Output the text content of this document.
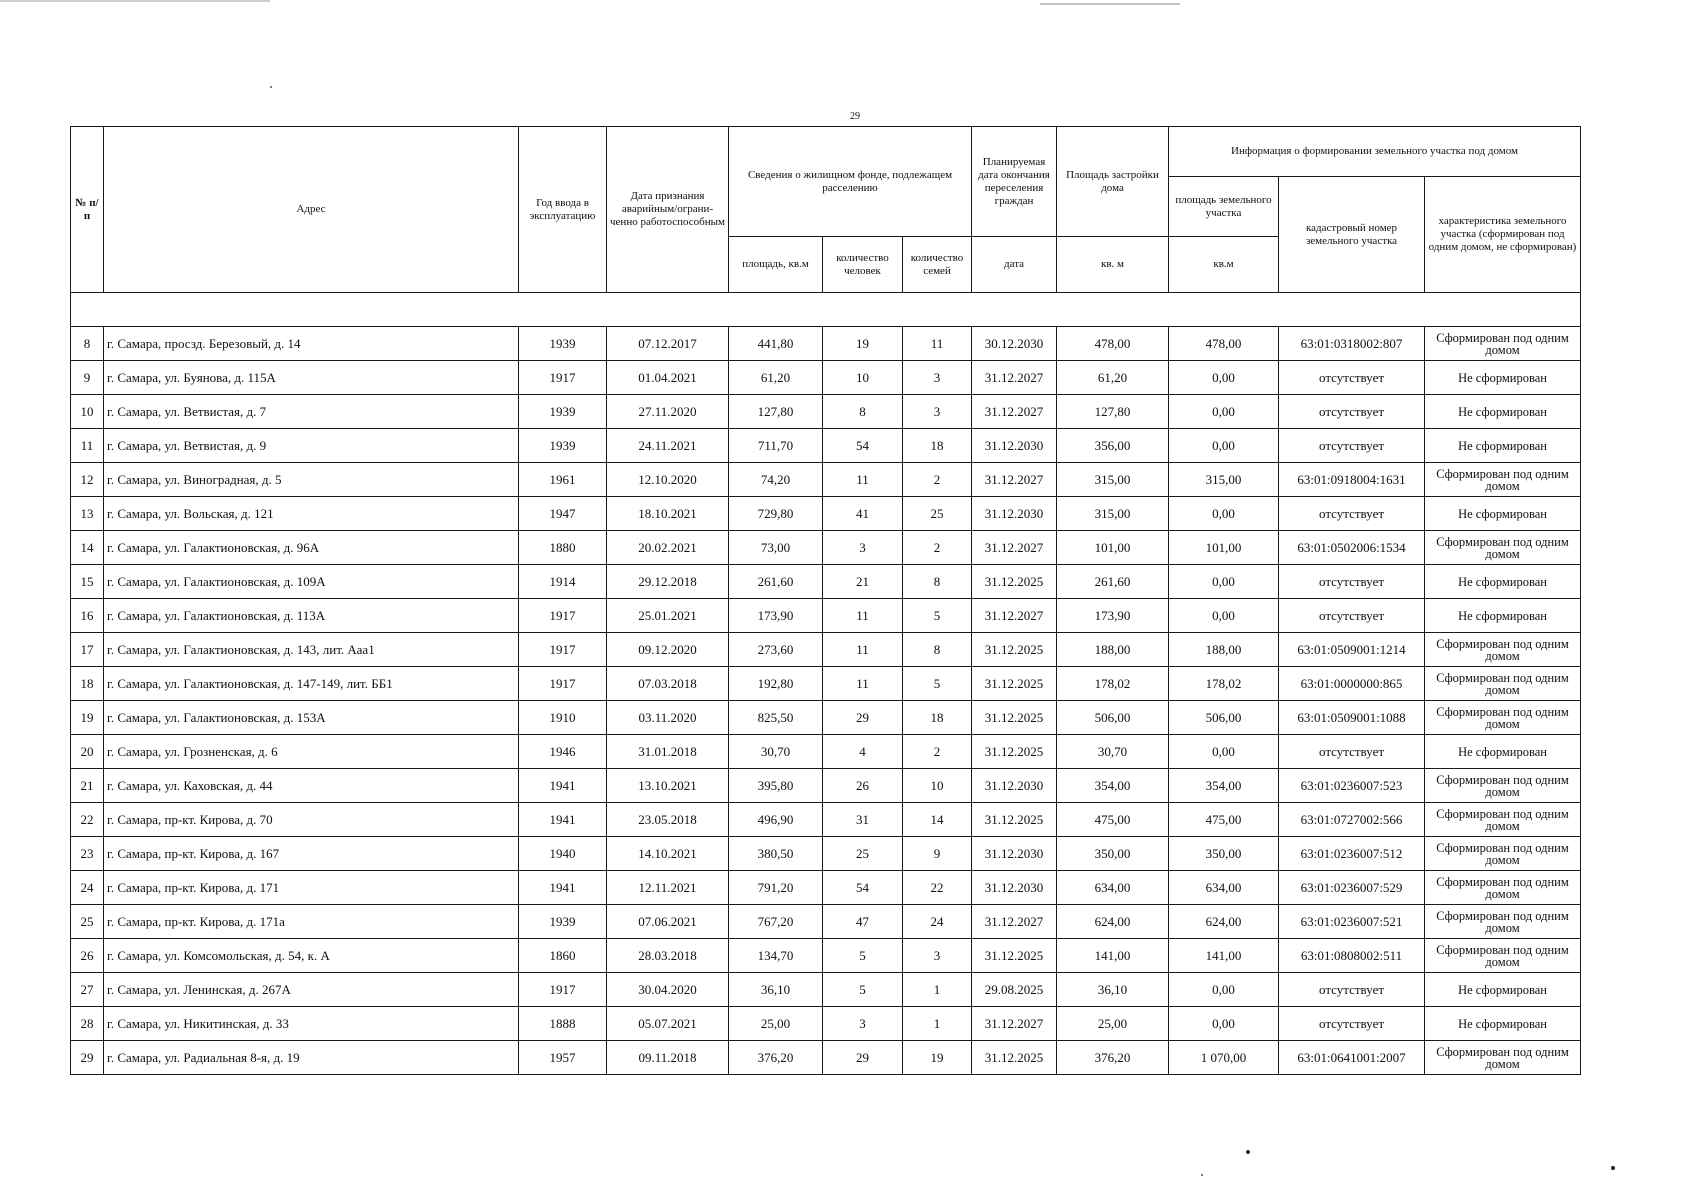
29
№ п/п	Адрес	Год ввода в эксплуатацию	Дата признания аварийным/ограни-ченно работоспособным	Сведения о жилищном фонде, подлежащем расселению			Планируемая дата окончания переселения граждан	Площадь застройки дома	Информация о формировании земельного участка под домом		
									площадь земельного участка	кадастровый номер земельного участка	характеристика земельного участка (сформирован под одним домом, не сформирован)
				площадь, кв.м	количество человек	количество семей	дата	кв. м	кв.м		

8	г. Самара, просзд. Березовый, д. 14	1939	07.12.2017	441,80	19	11	30.12.2030	478,00	478,00	63:01:0318002:807	Сформирован под одним домом
9	г. Самара, ул. Буянова, д. 115А	1917	01.04.2021	61,20	10	3	31.12.2027	61,20	0,00	отсутствует	Не сформирован
10	г. Самара, ул. Ветвистая, д. 7	1939	27.11.2020	127,80	8	3	31.12.2027	127,80	0,00	отсутствует	Не сформирован
11	г. Самара, ул. Ветвистая, д. 9	1939	24.11.2021	711,70	54	18	31.12.2030	356,00	0,00	отсутствует	Не сформирован
12	г. Самара, ул. Виноградная, д. 5	1961	12.10.2020	74,20	11	2	31.12.2027	315,00	315,00	63:01:0918004:1631	Сформирован под одним домом
13	г. Самара, ул. Вольская, д. 121	1947	18.10.2021	729,80	41	25	31.12.2030	315,00	0,00	отсутствует	Не сформирован
14	г. Самара, ул. Галактионовская, д. 96А	1880	20.02.2021	73,00	3	2	31.12.2027	101,00	101,00	63:01:0502006:1534	Сформирован под одним домом
15	г. Самара, ул. Галактионовская, д. 109А	1914	29.12.2018	261,60	21	8	31.12.2025	261,60	0,00	отсутствует	Не сформирован
16	г. Самара, ул. Галактионовская, д. 113А	1917	25.01.2021	173,90	11	5	31.12.2027	173,90	0,00	отсутствует	Не сформирован
17	г. Самара, ул. Галактионовская, д. 143, лит. Ааа1	1917	09.12.2020	273,60	11	8	31.12.2025	188,00	188,00	63:01:0509001:1214	Сформирован под одним домом
18	г. Самара, ул. Галактионовская, д. 147-149, лит. ББ1	1917	07.03.2018	192,80	11	5	31.12.2025	178,02	178,02	63:01:0000000:865	Сформирован под одним домом
19	г. Самара, ул. Галактионовская, д. 153А	1910	03.11.2020	825,50	29	18	31.12.2025	506,00	506,00	63:01:0509001:1088	Сформирован под одним домом
20	г. Самара, ул. Грозненская, д. 6	1946	31.01.2018	30,70	4	2	31.12.2025	30,70	0,00	отсутствует	Не сформирован
21	г. Самара, ул. Каховская, д. 44	1941	13.10.2021	395,80	26	10	31.12.2030	354,00	354,00	63:01:0236007:523	Сформирован под одним домом
22	г. Самара, пр-кт. Кирова, д. 70	1941	23.05.2018	496,90	31	14	31.12.2025	475,00	475,00	63:01:0727002:566	Сформирован под одним домом
23	г. Самара, пр-кт. Кирова, д. 167	1940	14.10.2021	380,50	25	9	31.12.2030	350,00	350,00	63:01:0236007:512	Сформирован под одним домом
24	г. Самара, пр-кт. Кирова, д. 171	1941	12.11.2021	791,20	54	22	31.12.2030	634,00	634,00	63:01:0236007:529	Сформирован под одним домом
25	г. Самара, пр-кт. Кирова, д. 171а	1939	07.06.2021	767,20	47	24	31.12.2027	624,00	624,00	63:01:0236007:521	Сформирован под одним домом
26	г. Самара, ул. Комсомольская, д. 54, к. А	1860	28.03.2018	134,70	5	3	31.12.2025	141,00	141,00	63:01:0808002:511	Сформирован под одним домом
27	г. Самара, ул. Ленинская, д. 267А	1917	30.04.2020	36,10	5	1	29.08.2025	36,10	0,00	отсутствует	Не сформирован
28	г. Самара, ул. Никитинская, д. 33	1888	05.07.2021	25,00	3	1	31.12.2027	25,00	0,00	отсутствует	Не сформирован
29	г. Самара, ул. Радиальная 8-я, д. 19	1957	09.11.2018	376,20	29	19	31.12.2025	376,20	1 070,00	63:01:0641001:2007	Сформирован под одним домом
